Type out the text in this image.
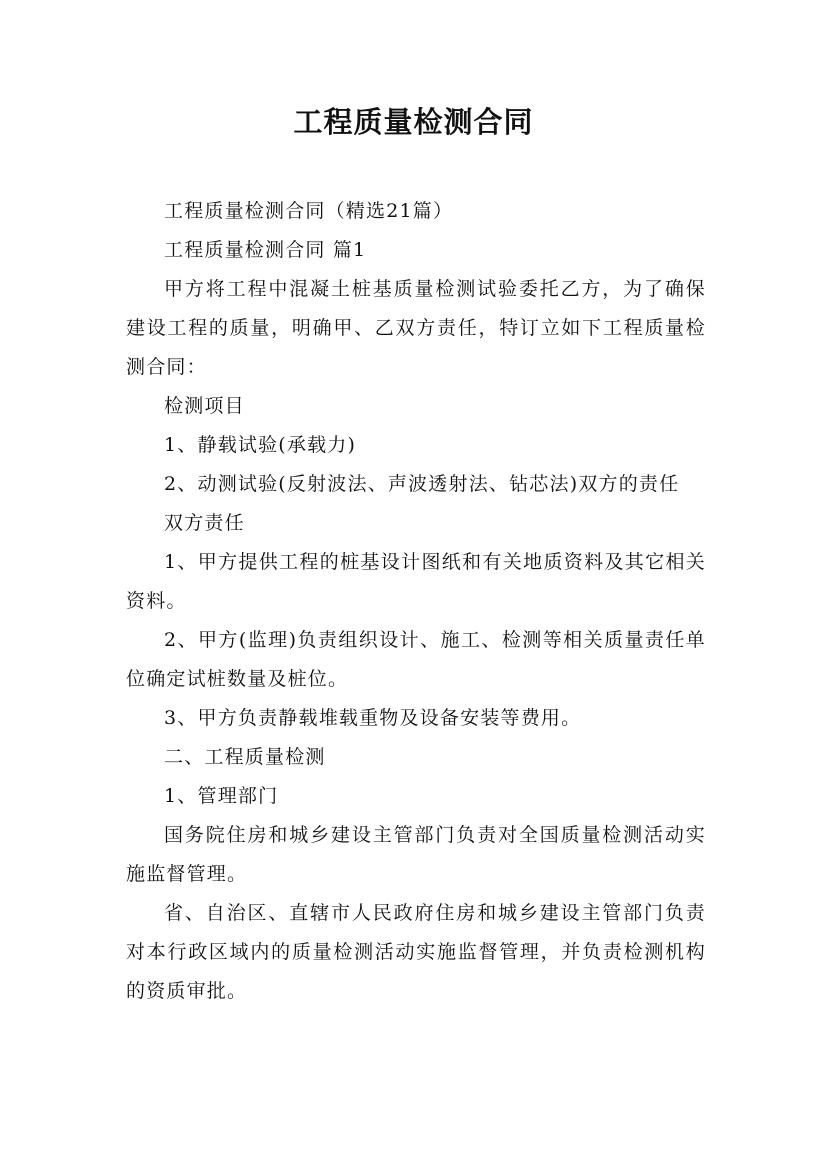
工程质量检测合同

工程质量检测合同（精选21篇）

工程质量检测合同 篇1

甲方将工程中混凝土桩基质量检测试验委托乙方，为了确保建设工程的质量，明确甲、乙双方责任，特订立如下工程质量检测合同：

检测项目

1、静载试验(承载力)

2、动测试验(反射波法、声波透射法、钻芯法)双方的责任

双方责任

1、甲方提供工程的桩基设计图纸和有关地质资料及其它相关资料。

2、甲方(监理)负责组织设计、施工、检测等相关质量责任单位确定试桩数量及桩位。

3、甲方负责静载堆载重物及设备安装等费用。

二、工程质量检测

1、管理部门

国务院住房和城乡建设主管部门负责对全国质量检测活动实施监督管理。

省、自治区、直辖市人民政府住房和城乡建设主管部门负责对本行政区域内的质量检测活动实施监督管理，并负责检测机构的资质审批。
